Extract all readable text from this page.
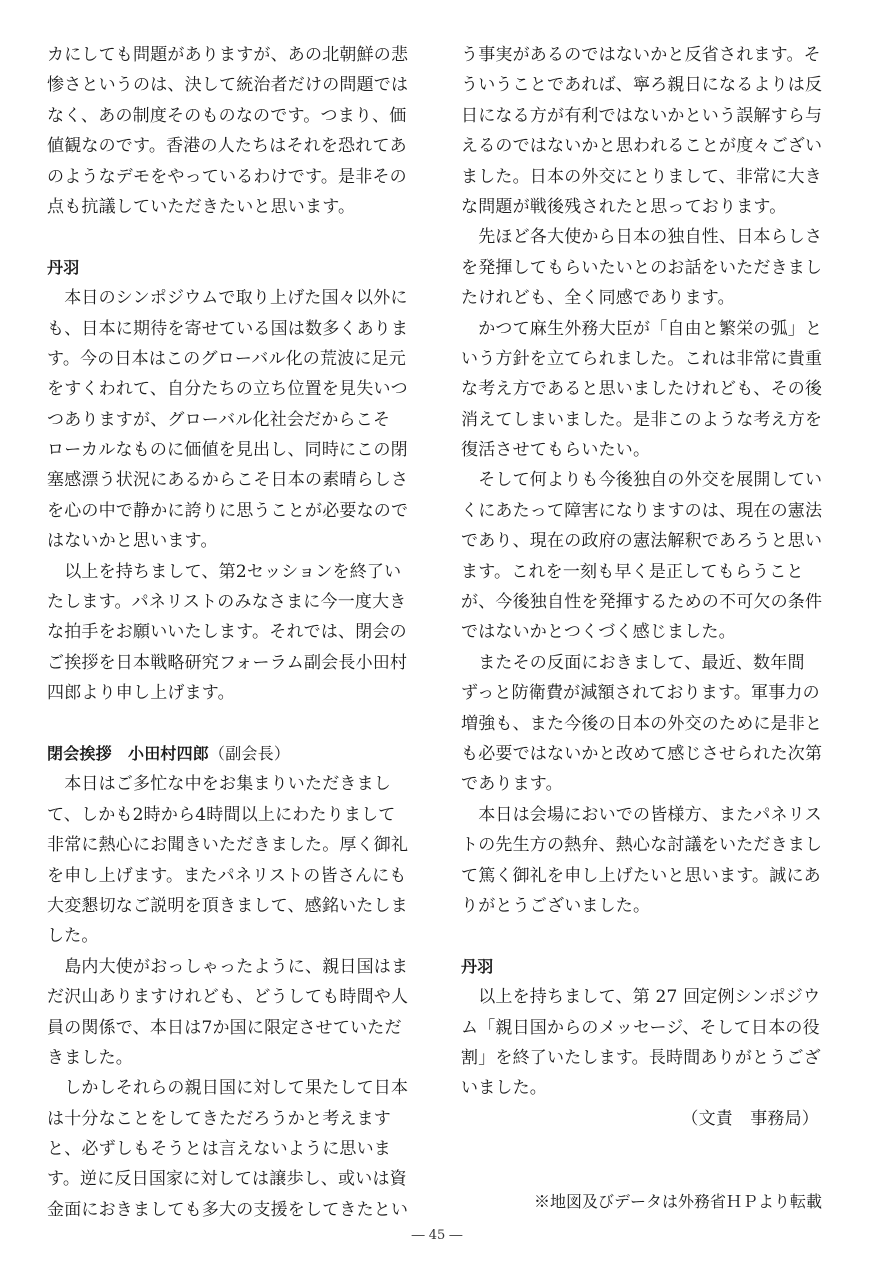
カにしても問題がありますが、あの北朝鮮の悲
惨さというのは、決して統治者だけの問題では
なく、あの制度そのものなのです。つまり、価
値観なのです。香港の人たちはそれを恐れてあ
のようなデモをやっているわけです。是非その
点も抗議していただきたいと思います。
丹羽
　本日のシンポジウムで取り上げた国々以外に
も、日本に期待を寄せている国は数多くありま
す。今の日本はこのグローバル化の荒波に足元
をすくわれて、自分たちの立ち位置を見失いつ
つありますが、グローバル化社会だからこそ
ローカルなものに価値を見出し、同時にこの閉
塞感漂う状況にあるからこそ日本の素晴らしさ
を心の中で静かに誇りに思うことが必要なので
はないかと思います。
　以上を持ちまして、第2セッションを終了い
たします。パネリストのみなさまに今一度大き
な拍手をお願いいたします。それでは、閉会の
ご挨拶を日本戦略研究フォーラム副会長小田村
四郎より申し上げます。
閉会挨拶　小田村四郎（副会長）
　本日はご多忙な中をお集まりいただきまし
て、しかも2時から4時間以上にわたりまして
非常に熱心にお聞きいただきました。厚く御礼
を申し上げます。またパネリストの皆さんにも
大変懇切なご説明を頂きまして、感銘いたしま
した。
　島内大使がおっしゃったように、親日国はま
だ沢山ありますけれども、どうしても時間や人
員の関係で、本日は7か国に限定させていただ
きました。
　しかしそれらの親日国に対して果たして日本
は十分なことをしてきただろうかと考えます
と、必ずしもそうとは言えないように思いま
す。逆に反日国家に対しては譲歩し、或いは資
金面におきましても多大の支援をしてきたとい
う事実があるのではないかと反省されます。そ
ういうことであれば、寧ろ親日になるよりは反
日になる方が有利ではないかという誤解すら与
えるのではないかと思われることが度々ござい
ました。日本の外交にとりまして、非常に大き
な問題が戦後残されたと思っております。
　先ほど各大使から日本の独自性、日本らしさ
を発揮してもらいたいとのお話をいただきまし
たけれども、全く同感であります。
　かつて麻生外務大臣が「自由と繁栄の弧」と
いう方針を立てられました。これは非常に貴重
な考え方であると思いましたけれども、その後
消えてしまいました。是非このような考え方を
復活させてもらいたい。
　そして何よりも今後独自の外交を展開してい
くにあたって障害になりますのは、現在の憲法
であり、現在の政府の憲法解釈であろうと思い
ます。これを一刻も早く是正してもらうこと
が、今後独自性を発揮するための不可欠の条件
ではないかとつくづく感じました。
　またその反面におきまして、最近、数年間
ずっと防衛費が減額されております。軍事力の
増強も、また今後の日本の外交のために是非と
も必要ではないかと改めて感じさせられた次第
であります。
　本日は会場においでの皆様方、またパネリス
トの先生方の熱弁、熱心な討議をいただきまし
て篤く御礼を申し上げたいと思います。誠にあ
りがとうございました。
丹羽
　以上を持ちまして、第 27 回定例シンポジウ
ム「親日国からのメッセージ、そして日本の役
割」を終了いたします。長時間ありがとうござ
いました。
（文責　事務局）
※地図及びデータは外務省ＨＰより転載
― 45 ―
